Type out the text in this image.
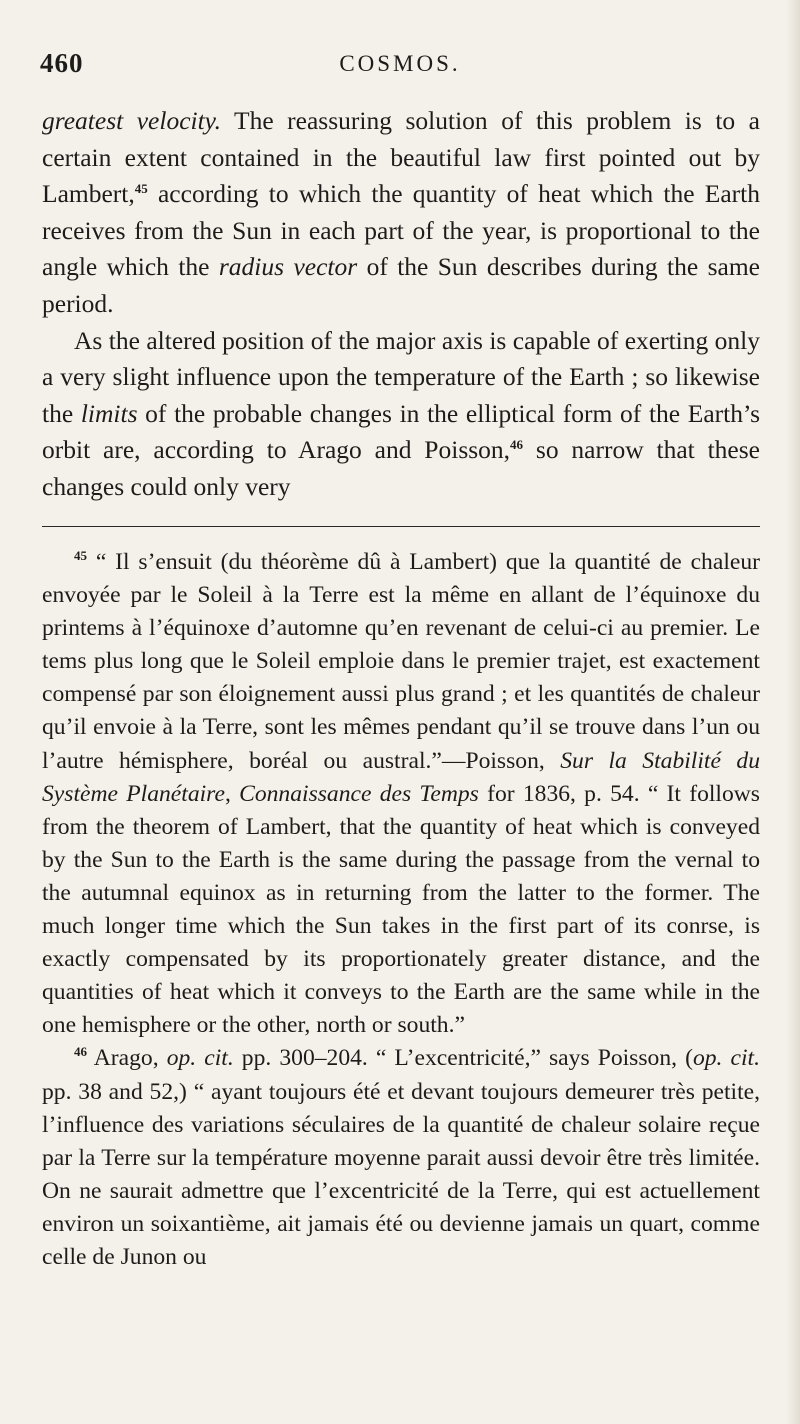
460	COSMOS.

greatest velocity. The reassuring solution of this problem is to a certain extent contained in the beautiful law first pointed out by Lambert,$^{45}$ according to which the quantity of heat which the Earth receives from the Sun in each part of the year, is proportional to the angle which the radius vector of the Sun describes during the same period.

As the altered position of the major axis is capable of exerting only a very slight influence upon the temperature of the Earth ; so likewise the limits of the probable changes in the elliptical form of the Earth’s orbit are, according to Arago and Poisson,$^{46}$ so narrow that these changes could only very

$^{45}$ “ Il s’ensuit (du théorème dû à Lambert) que la quantité de chaleur envoyée par le Soleil à la Terre est la même en allant de l’équinoxe du printems à l’équinoxe d’automne qu’en revenant de celui-ci au premier. Le tems plus long que le Soleil emploie dans le premier trajet, est exactement compensé par son éloignement aussi plus grand ; et les quantités de chaleur qu’il envoie à la Terre, sont les mêmes pendant qu’il se trouve dans l’un ou l’autre hémisphere, boréal ou austral.”—Poisson, Sur la Stabilité du Système Planétaire, Connaissance des Temps for 1836, p. 54. “ It follows from the theorem of Lambert, that the quantity of heat which is conveyed by the Sun to the Earth is the same during the passage from the vernal to the autumnal equinox as in returning from the latter to the former. The much longer time which the Sun takes in the first part of its conrse, is exactly compensated by its proportionately greater distance, and the quantities of heat which it conveys to the Earth are the same while in the one hemisphere or the other, north or south.”

$^{46}$ Arago, op. cit. pp. 300–204. “ L’excentricité,” says Poisson, (op. cit. pp. 38 and 52,) “ ayant toujours été et devant toujours demeurer très petite, l’influence des variations séculaires de la quantité de chaleur solaire reçue par la Terre sur la température moyenne parait aussi devoir être très limitée. On ne saurait admettre que l’excentricité de la Terre, qui est actuellement environ un soixantième, ait jamais été ou devienne jamais un quart, comme celle de Junon ou
